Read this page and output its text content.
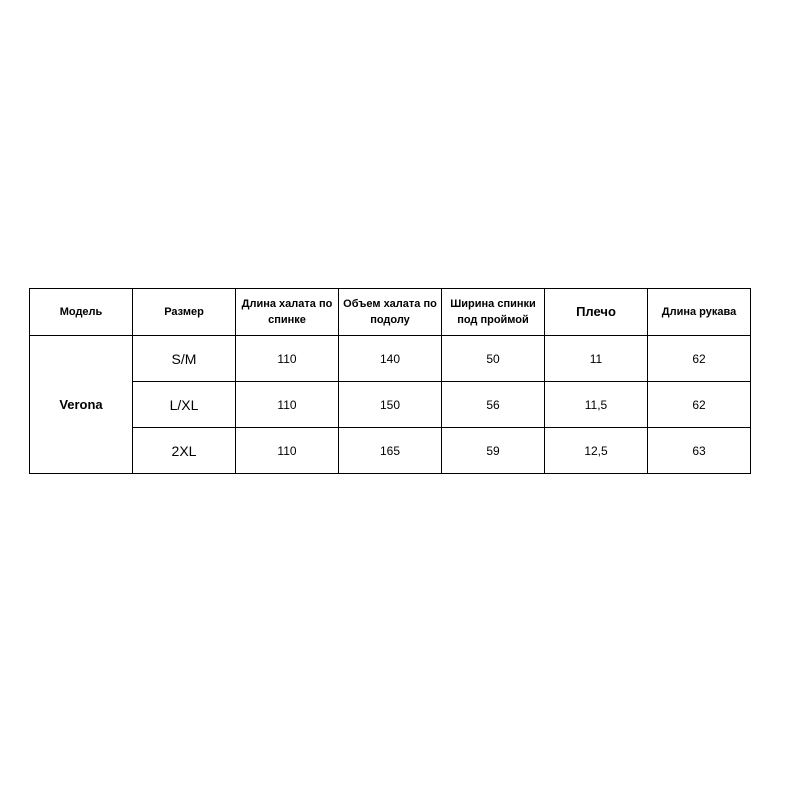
Модель	Размер	Длина халата по спинке	Объем халата по подолу	Ширина спинки под проймой	Плечо	Длина рукава
Verona	S/M	110	140	50	11	62
	L/XL	110	150	56	11,5	62
	2XL	110	165	59	12,5	63
